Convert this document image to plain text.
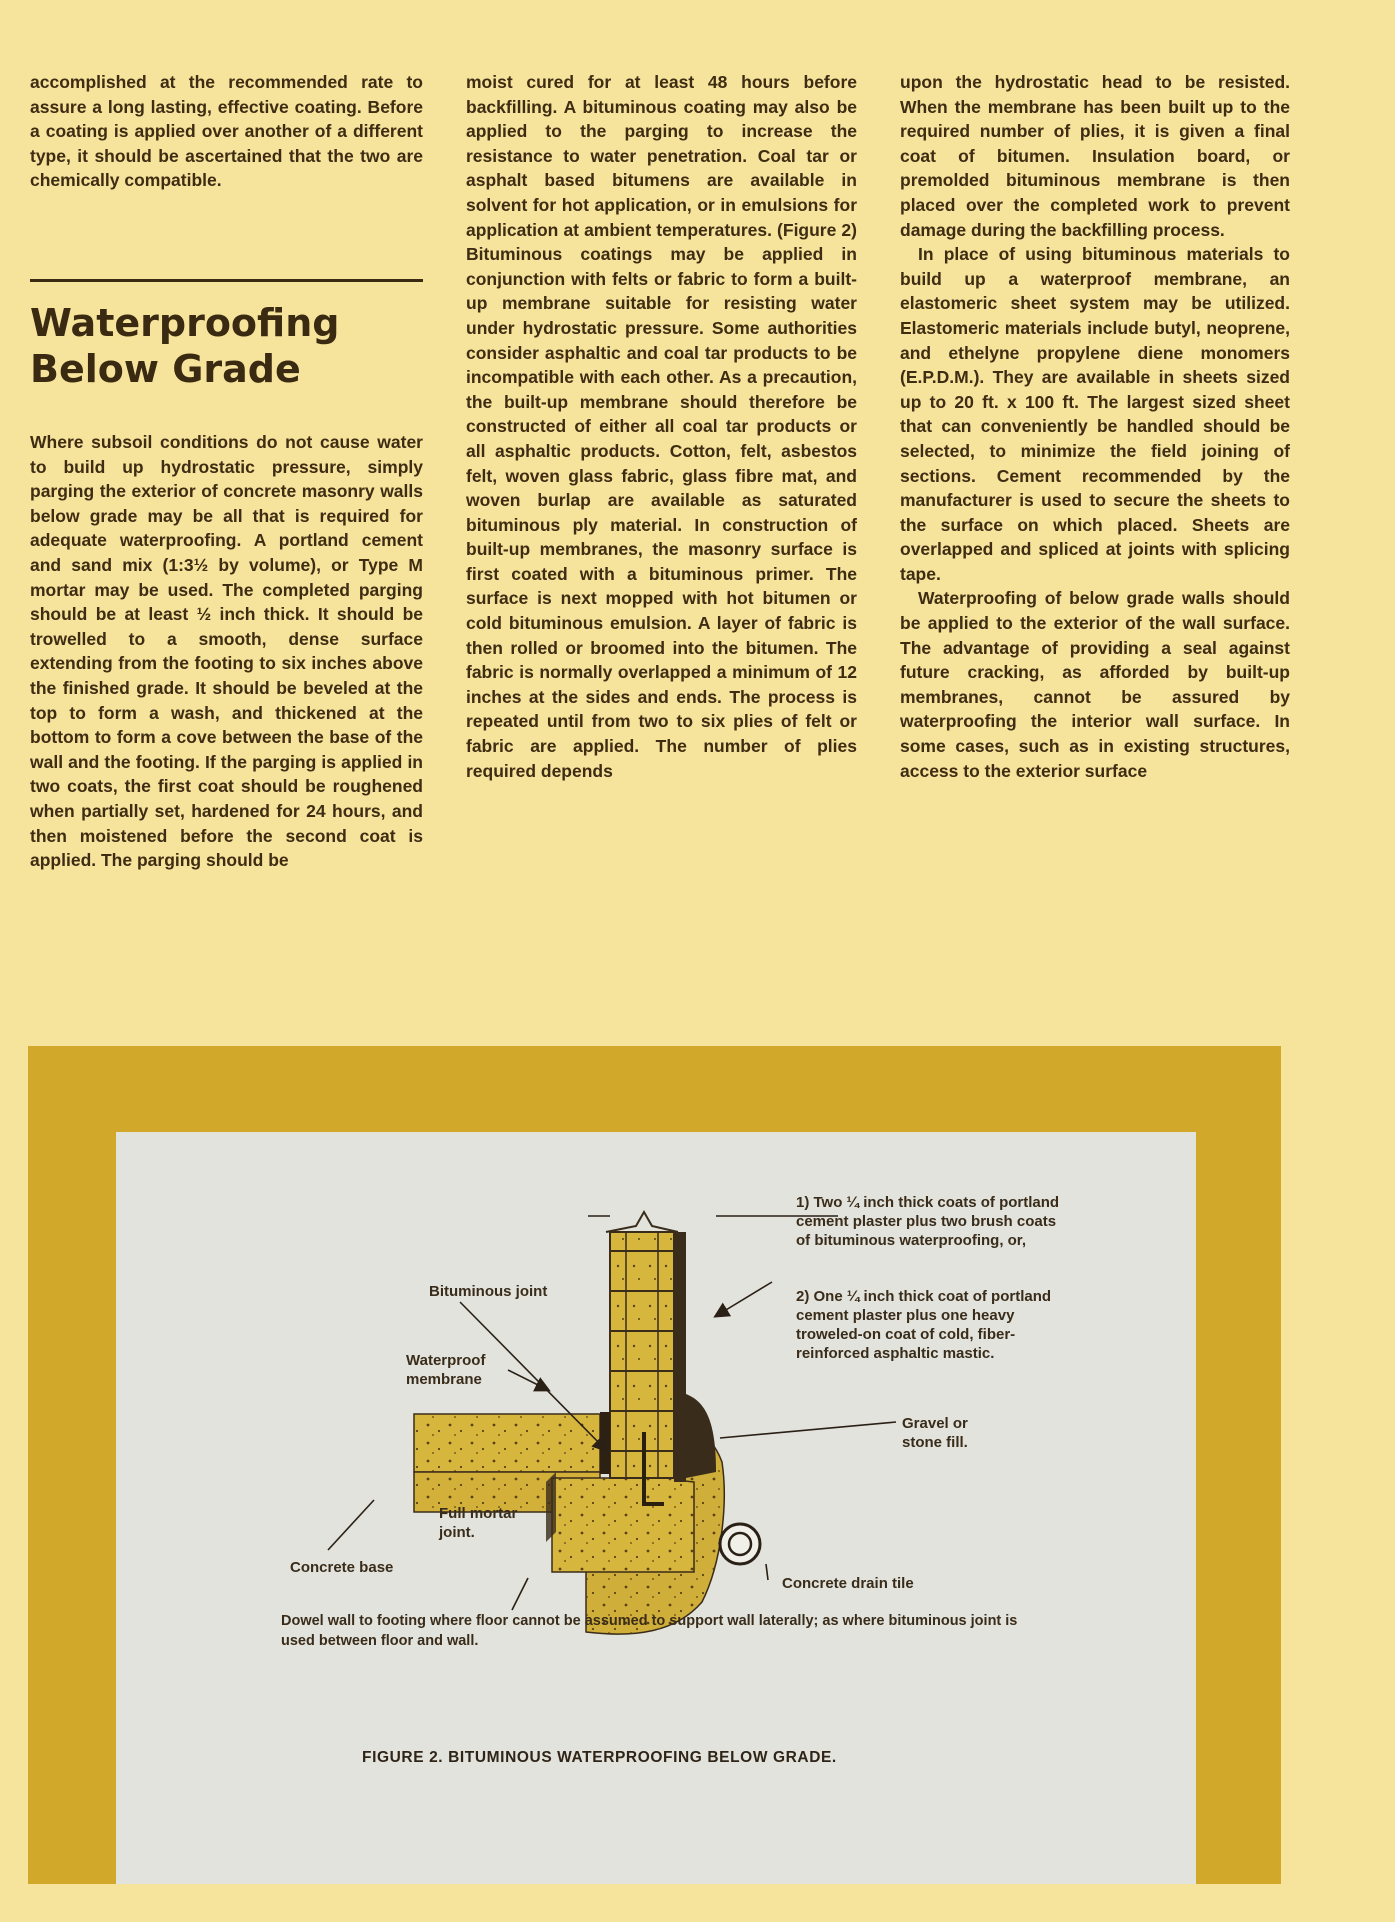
accomplished at the recommended rate to assure a long lasting, effective coating. Before a coating is applied over another of a different type, it should be ascertained that the two are chemically compatible.

Waterproofing Below Grade

Where subsoil conditions do not cause water to build up hydrostatic pressure, simply parging the exterior of concrete masonry walls below grade may be all that is required for adequate waterproofing. A portland cement and sand mix (1:3½ by volume), or Type M mortar may be used. The completed parging should be at least ½ inch thick. It should be trowelled to a smooth, dense surface extending from the footing to six inches above the finished grade. It should be beveled at the top to form a wash, and thickened at the bottom to form a cove between the base of the wall and the footing. If the parging is applied in two coats, the first coat should be roughened when partially set, hardened for 24 hours, and then moistened before the second coat is applied. The parging should be

moist cured for at least 48 hours before backfilling. A bituminous coating may also be applied to the parging to increase the resistance to water penetration. Coal tar or asphalt based bitumens are available in solvent for hot application, or in emulsions for application at ambient temperatures. (Figure 2) Bituminous coatings may be applied in conjunction with felts or fabric to form a built-up membrane suitable for resisting water under hydrostatic pressure. Some authorities consider asphaltic and coal tar products to be incompatible with each other. As a precaution, the built-up membrane should therefore be constructed of either all coal tar products or all asphaltic products. Cotton, felt, asbestos felt, woven glass fabric, glass fibre mat, and woven burlap are available as saturated bituminous ply material. In construction of built-up membranes, the masonry surface is first coated with a bituminous primer. The surface is next mopped with hot bitumen or cold bituminous emulsion. A layer of fabric is then rolled or broomed into the bitumen. The fabric is normally overlapped a minimum of 12 inches at the sides and ends. The process is repeated until from two to six plies of felt or fabric are applied. The number of plies required depends

upon the hydrostatic head to be resisted. When the membrane has been built up to the required number of plies, it is given a final coat of bitumen. Insulation board, or premolded bituminous membrane is then placed over the completed work to prevent damage during the backfilling process.

In place of using bituminous materials to build up a waterproof membrane, an elastomeric sheet system may be utilized. Elastomeric materials include butyl, neoprene, and ethelyne propylene diene monomers (E.P.D.M.). They are available in sheets sized up to 20 ft. x 100 ft. The largest sized sheet that can conveniently be handled should be selected, to minimize the field joining of sections. Cement recommended by the manufacturer is used to secure the sheets to the surface on which placed. Sheets are overlapped and spliced at joints with splicing tape.

Waterproofing of below grade walls should be applied to the exterior of the wall surface. The advantage of providing a seal against future cracking, as afforded by built-up membranes, cannot be assured by waterproofing the interior wall surface. In some cases, such as in existing structures, access to the exterior surface

1) Two ¼ inch thick coats of portland cement plaster plus two brush coats of bituminous waterproofing, or,

2) One ¼ inch thick coat of portland cement plaster plus one heavy troweled-on coat of cold, fiber-reinforced asphaltic mastic.

Bituminous joint

Waterproof membrane

Gravel or stone fill.

Full mortar joint.

Concrete base

Concrete drain tile

Dowel wall to footing where floor cannot be assumed to support wall laterally; as where bituminous joint is used between floor and wall.

FIGURE 2. BITUMINOUS WATERPROOFING BELOW GRADE.
